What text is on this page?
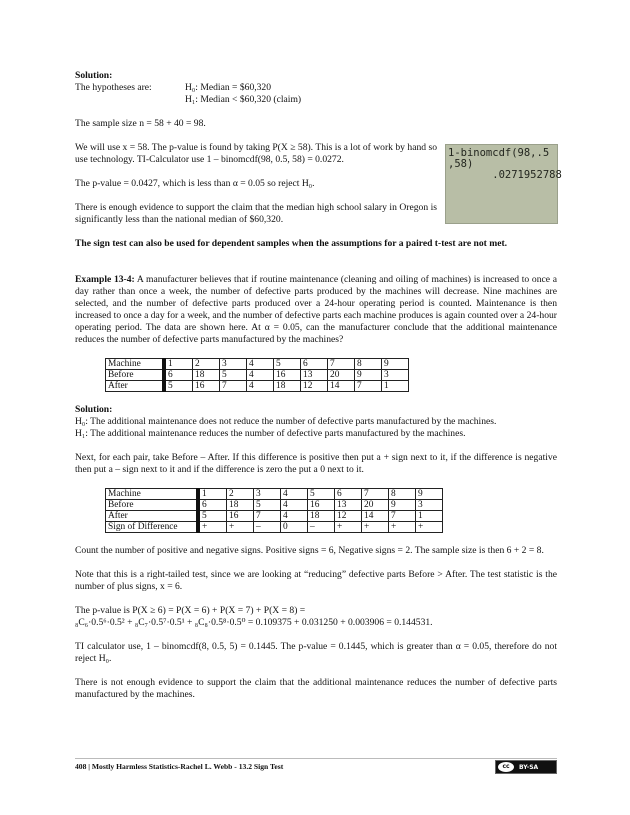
Solution:

The hypotheses are:	H₀: Median = $60,320
H₁: Median < $60,320 (claim)

The sample size n = 58 + 40 = 98.

We will use x = 58. The p-value is found by taking P(X ≥ 58). This is a lot of work by hand so use technology. TI-Calculator use 1 – binomcdf(98, 0.5, 58) = 0.0272.

The p-value = 0.0427, which is less than α = 0.05 so reject H₀.

There is enough evidence to support the claim that the median high school salary in Oregon is significantly less than the national median of $60,320.

1-binomcdf(98,.5
,58)
.0271952788

The sign test can also be used for dependent samples when the assumptions for a paired t-test are not met.

Example 13-4: A manufacturer believes that if routine maintenance (cleaning and oiling of machines) is increased to once a day rather than once a week, the number of defective parts produced by the machines will decrease. Nine machines are selected, and the number of defective parts produced over a 24-hour operating period is counted. Maintenance is then increased to once a day for a week, and the number of defective parts each machine produces is again counted over a 24-hour operating period. The data are shown here. At α = 0.05, can the manufacturer conclude that the additional maintenance reduces the number of defective parts manufactured by the machines?

Machine	1	2	3	4	5	6	7	8	9
Before	6	18	5	4	16	13	20	9	3
After	5	16	7	4	18	12	14	7	1

Solution:

H₀: The additional maintenance does not reduce the number of defective parts manufactured by the machines.

H₁: The additional maintenance reduces the number of defective parts manufactured by the machines.

Next, for each pair, take Before – After. If this difference is positive then put a + sign next to it, if the difference is negative then put a – sign next to it and if the difference is zero the put a 0 next to it.

Machine	1	2	3	4	5	6	7	8	9
Before	6	18	5	4	16	13	20	9	3
After	5	16	7	4	18	12	14	7	1
Sign of Difference	+	+	–	0	–	+	+	+	+

Count the number of positive and negative signs. Positive signs = 6, Negative signs = 2. The sample size is then 6 + 2 = 8.

Note that this is a right-tailed test, since we are looking at “reducing” defective parts Before > After. The test statistic is the number of plus signs, x = 6.

The p-value is P(X ≥ 6) = P(X = 6) + P(X = 7) + P(X = 8) =

₈C₆·0.5⁶·0.5² + ₈C₇·0.5⁷·0.5¹ + ₈C₈·0.5⁸·0.5⁰ = 0.109375 + 0.031250 + 0.003906 = 0.144531.

TI calculator use, 1 – binomcdf(8, 0.5, 5) = 0.1445. The p-value = 0.1445, which is greater than α = 0.05, therefore do not reject H₀.

There is not enough evidence to support the claim that the additional maintenance reduces the number of defective parts manufactured by the machines.

408 | Mostly Harmless Statistics-Rachel L. Webb - 13.2 Sign Test	cc	BY-SA
